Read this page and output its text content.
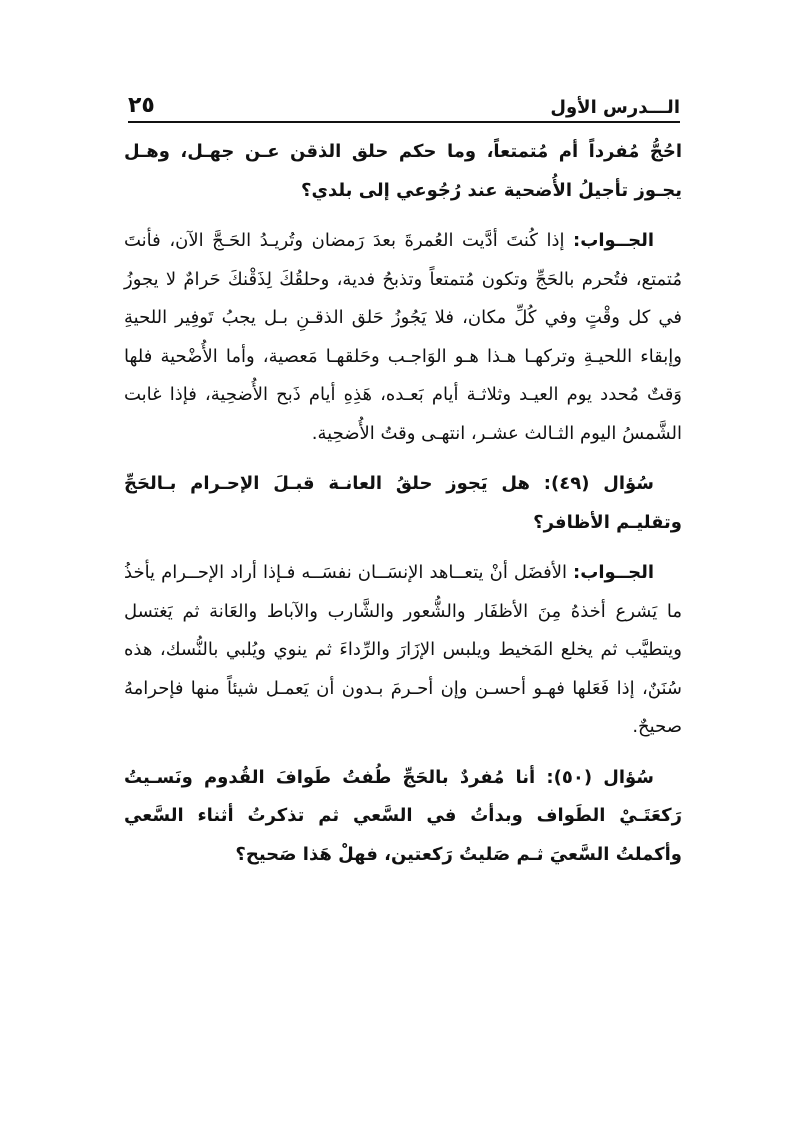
الـــدرس الأول
٢٥

احُجُّ مُفرداً أم مُتمتعاً، وما حكم حلق الذقن عـن جهـل، وهـل يجـوز تأجيلُ الأُضحية عند رُجُوعي إلى بلدي؟

الجــواب: إذا كُنتَ أدَّيت العُمرةَ بعدَ رَمضان وتُريـدُ الحَـجَّ الآن، فأنتَ مُتمتع، فتُحرم بالحَجِّ وتكون مُتمتعاً وتذبحُ فدية، وحلقُكَ لِذَقْنكَ حَرامٌ لا يجوزُ في كل وقْتٍ وفي كُلِّ مكان، فلا يَجُوزُ حَلق الذقـنِ بـل يجبُ تَوفِير اللحيةِ وإبقاء اللحيـةِ وتركهـا هـذا هـو الوَاجـب وحَلقهـا مَعصية، وأما الأُضْحية فلها وَقتٌ مُحدد يوم العيـد وثلاثـة أيام بَعـده، هَذِهِ أيام ذَبح الأُضحِية، فإذا غابت الشَّمسُ اليوم الثـالث عشـر، انتهـى وقتُ الأُضحِية.

سُؤال (٤٩): هل يَجوز حلقُ العانـة قبـلَ الإحـرام بـالحَجِّ وتقليـم الأظافر؟

الجــواب: الأفضَل أنْ يتعــاهد الإنسَــان نفسَــه فـإذا أراد الإحــرام يأخذُ ما يَشرع أخذهُ مِنَ الأظفَار والشُّعور والشَّارب والآباط والعَانة ثم يَغتسل ويتطيَّب ثم يخلع المَخيط ويلبس الإزَارَ والرِّداءَ ثم ينوي ويُلبي بالنُّسك، هذه سُنَنٌ، إذا فَعَلها فهـو أحسـن وإن أحـرمَ بـدون أن يَعمـل شيئاً منها فإحرامهُ صحيحٌ.

سُؤال (٥٠): أنا مُفردٌ بالحَجِّ طُفتُ طَوافَ القُدوم ونَسـيتُ رَكعَتَـيْ الطَواف وبدأتُ في السَّعي ثم تذكرتُ أثناء السَّعي وأكملتُ السَّعيَ ثـم صَليتُ رَكعتين، فهلْ هَذا صَحيح؟
